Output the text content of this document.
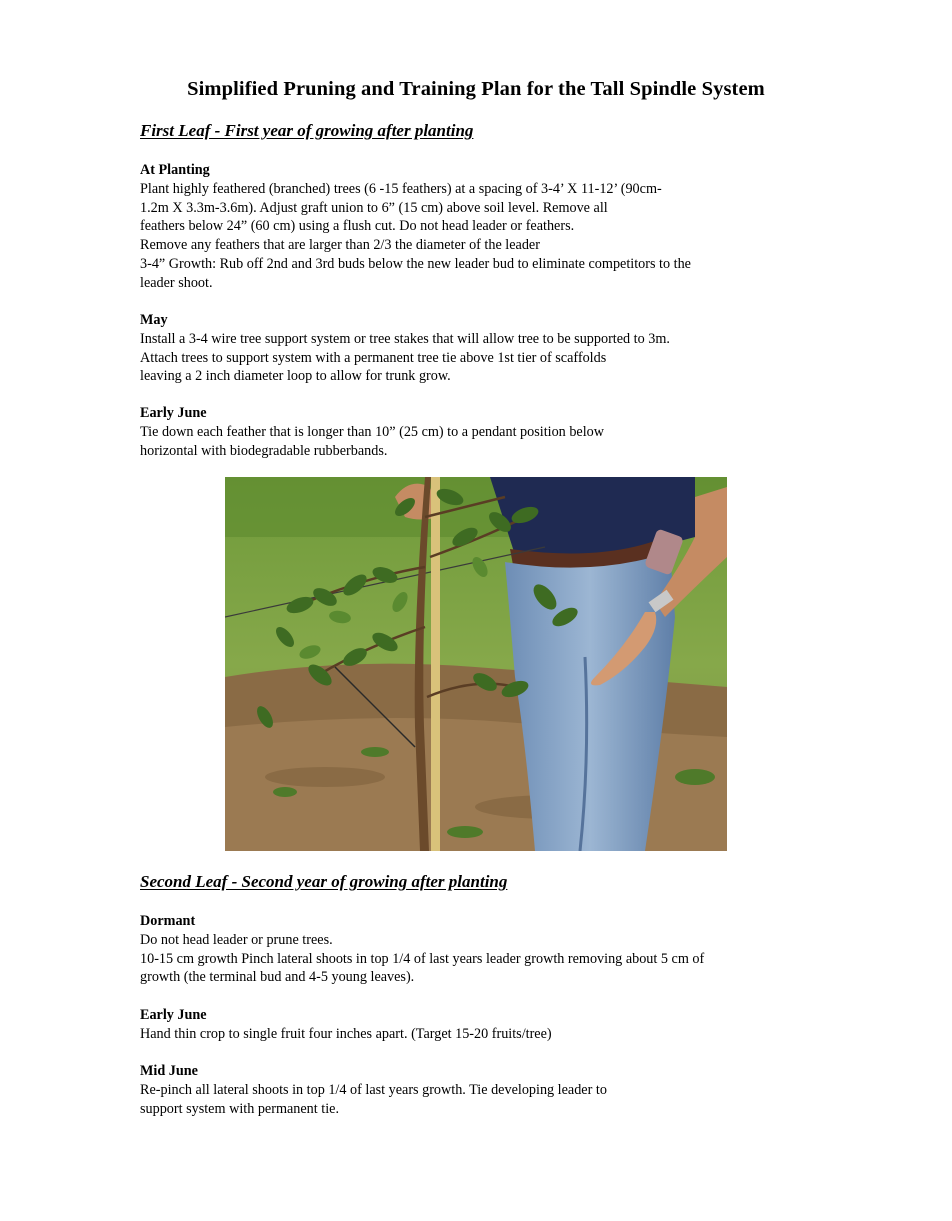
Simplified Pruning and Training Plan for the Tall Spindle System
First Leaf - First year of growing after planting
At Planting
Plant highly feathered (branched) trees (6 -15 feathers) at a spacing of 3-4’ X 11-12’ (90cm-
1.2m X 3.3m-3.6m). Adjust graft union to 6” (15 cm) above soil level. Remove all
feathers below 24” (60 cm) using a flush cut. Do not head leader or feathers.
Remove any feathers that are larger than 2/3 the diameter of the leader
3-4” Growth: Rub off 2nd and 3rd buds below the new leader bud to eliminate competitors to the
leader shoot.
May
Install a 3-4 wire tree support system or tree stakes that will allow tree to be supported to 3m.
Attach trees to support system with a permanent tree tie above 1st tier of scaffolds
leaving a 2 inch diameter loop to allow for trunk grow.
Early June
Tie down each feather that is longer than 10” (25 cm) to a pendant position below
horizontal with biodegradable rubberbands.
Second Leaf - Second year of growing after planting
Dormant
Do not head leader or prune trees.
10-15 cm growth Pinch lateral shoots in top 1/4 of last years leader growth removing about 5 cm of
growth (the terminal bud and 4-5 young leaves).
Early June
Hand thin crop to single fruit four inches apart. (Target 15-20 fruits/tree)
Mid June
Re-pinch all lateral shoots in top 1/4 of last years growth. Tie developing leader to
support system with permanent tie.
